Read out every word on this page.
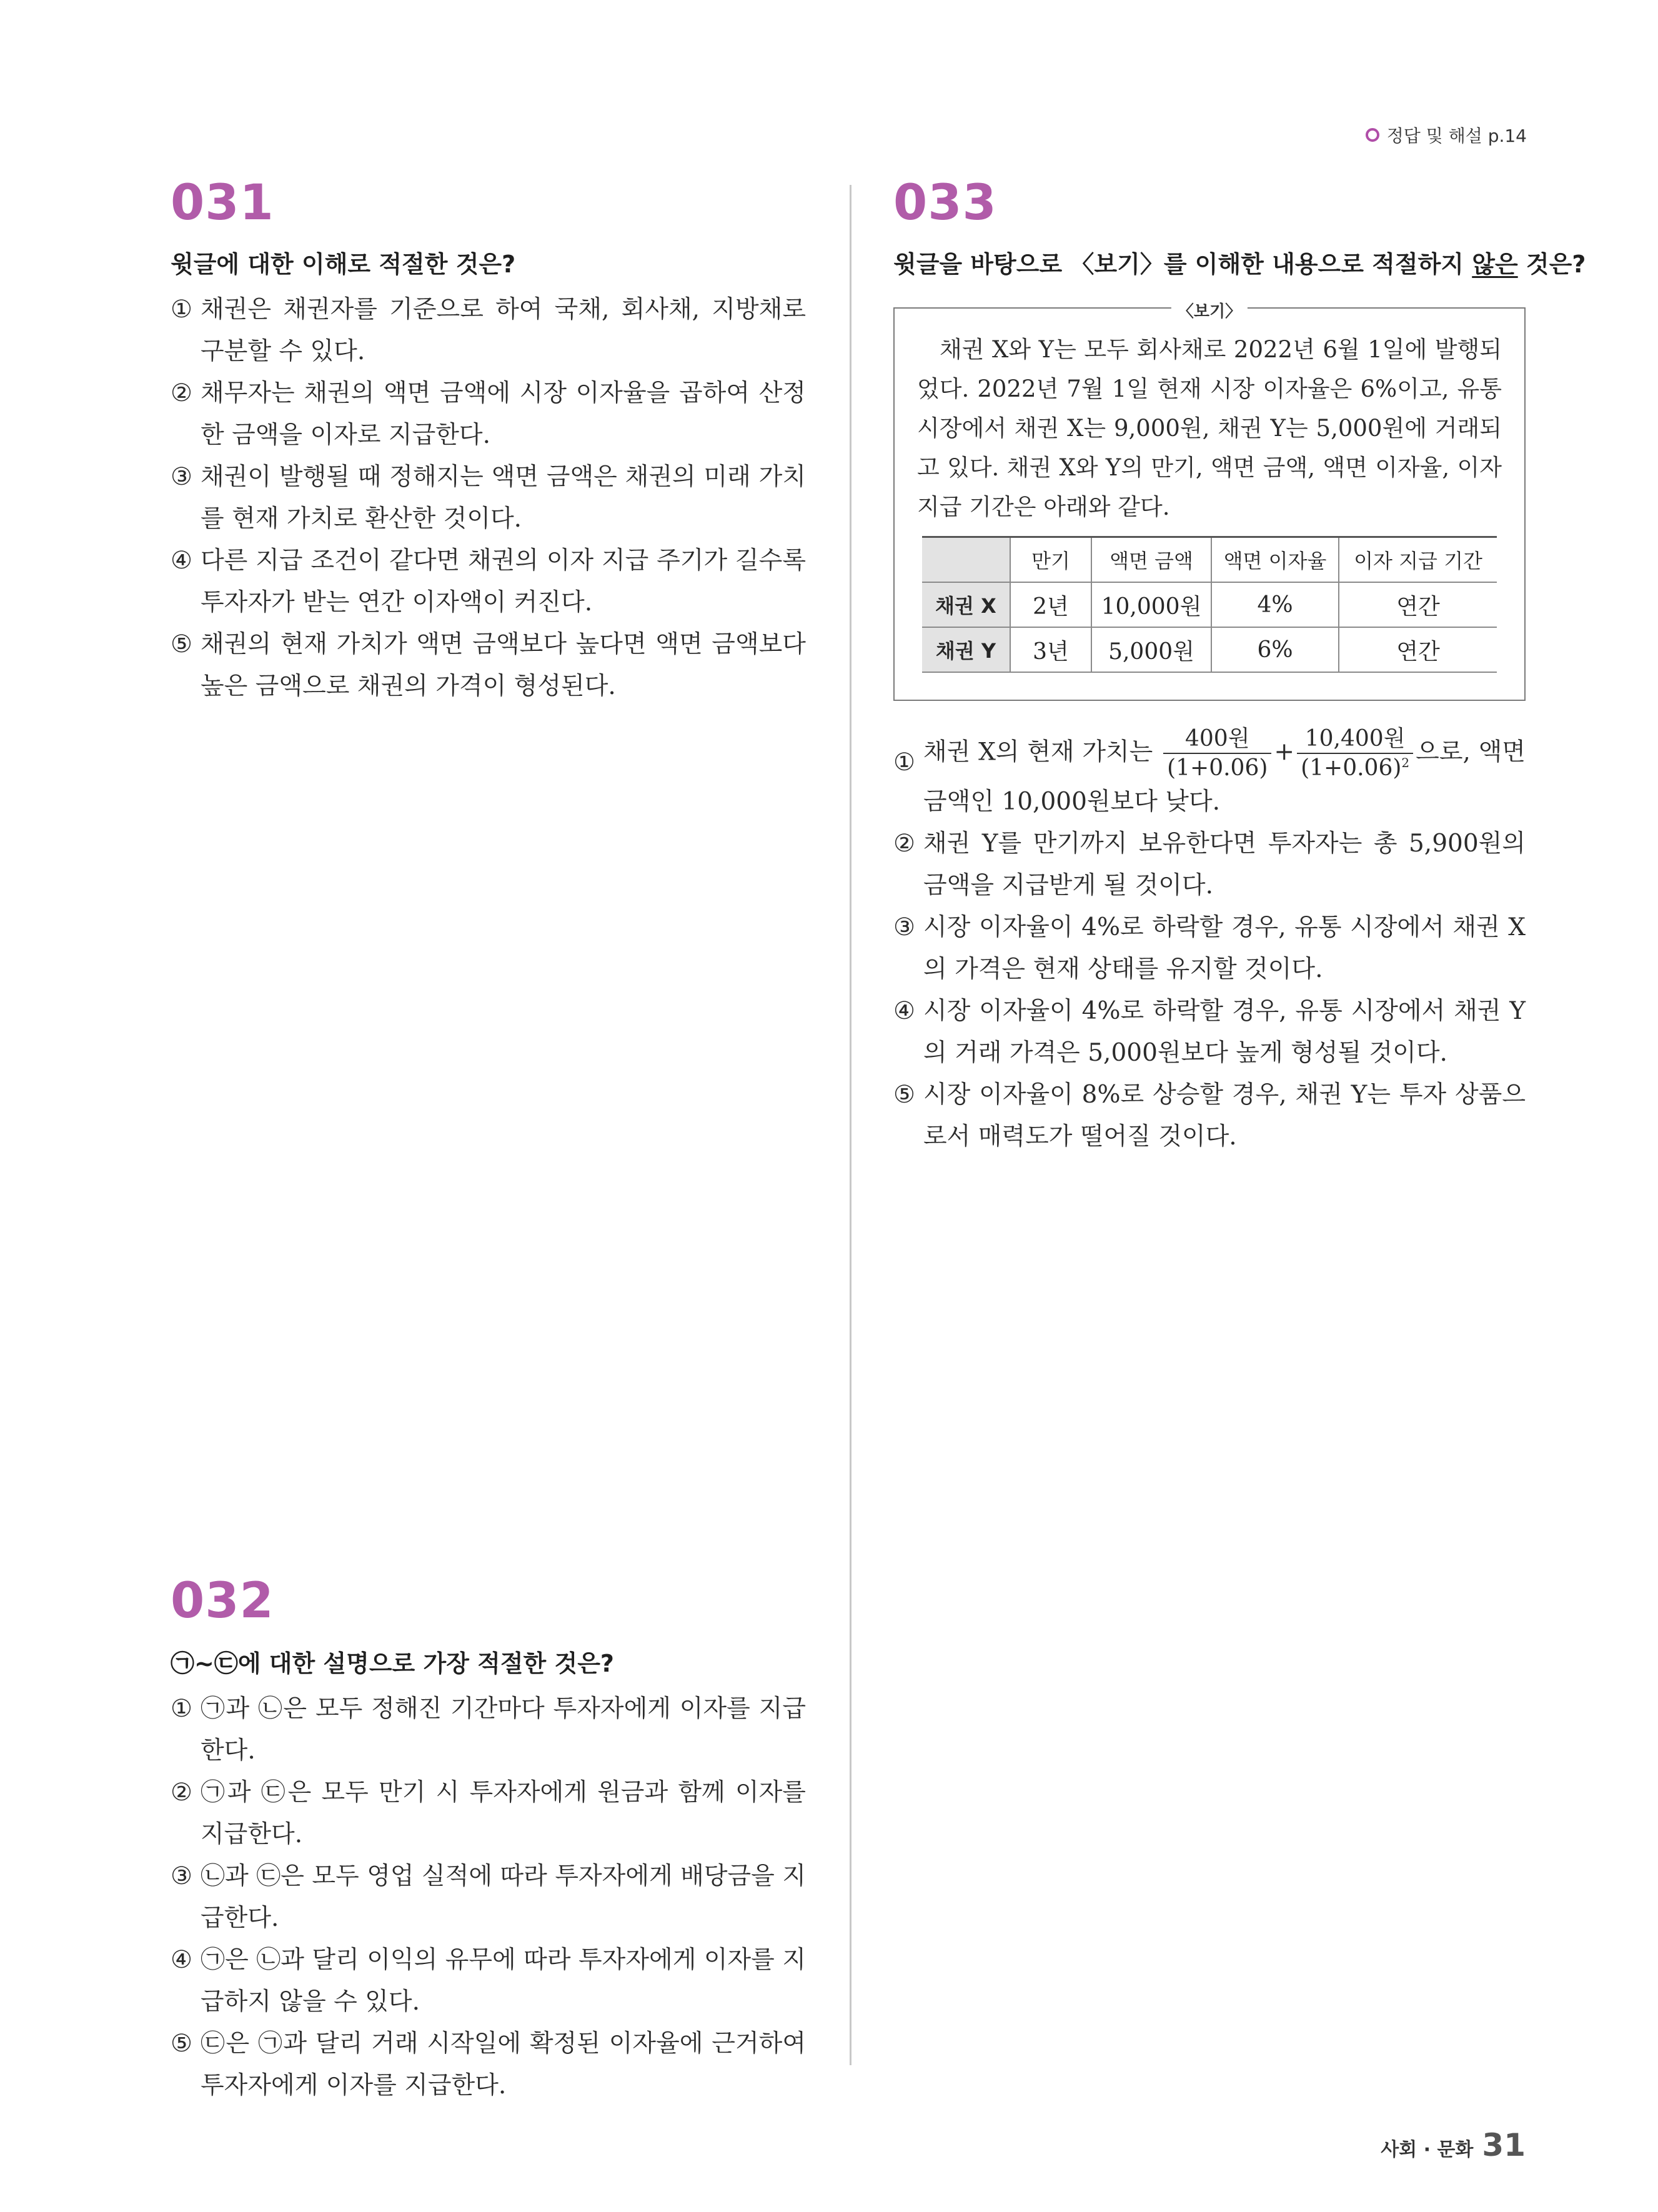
정답 및 해설 p.14
031
윗글에 대한 이해로 적절한 것은?
① 채권은 채권자를 기준으로 하여 국채, 회사채, 지방채로 구분할 수 있다.
② 채무자는 채권의 액면 금액에 시장 이자율을 곱하여 산정한 금액을 이자로 지급한다.
③ 채권이 발행될 때 정해지는 액면 금액은 채권의 미래 가치를 현재 가치로 환산한 것이다.
④ 다른 지급 조건이 같다면 채권의 이자 지급 주기가 길수록 투자자가 받는 연간 이자액이 커진다.
⑤ 채권의 현재 가치가 액면 금액보다 높다면 액면 금액보다 높은 금액으로 채권의 가격이 형성된다.
032
㉠~㉢에 대한 설명으로 가장 적절한 것은?
① ㉠과 ㉡은 모두 정해진 기간마다 투자자에게 이자를 지급한다.
② ㉠과 ㉢은 모두 만기 시 투자자에게 원금과 함께 이자를 지급한다.
③ ㉡과 ㉢은 모두 영업 실적에 따라 투자자에게 배당금을 지급한다.
④ ㉠은 ㉡과 달리 이익의 유무에 따라 투자자에게 이자를 지급하지 않을 수 있다.
⑤ ㉢은 ㉠과 달리 거래 시작일에 확정된 이자율에 근거하여 투자자에게 이자를 지급한다.
033
윗글을 바탕으로 〈보기〉를 이해한 내용으로 적절하지 않은 것은?
〈보기〉
채권 X와 Y는 모두 회사채로 2022년 6월 1일에 발행되었다. 2022년 7월 1일 현재 시장 이자율은 6%이고, 유통 시장에서 채권 X는 9,000원, 채권 Y는 5,000원에 거래되고 있다. 채권 X와 Y의 만기, 액면 금액, 액면 이자율, 이자 지급 기간은 아래와 같다.
	만기	액면 금액	액면 이자율	이자 지급 기간
채권 X	2년	10,000원	4%	연간
채권 Y	3년	5,000원	6%	연간
① 채권 X의 현재 가치는 $\frac{\text{400원}}{(1+0.06)} + \frac{\text{10,400원}}{(1+0.06)^2}$ 으로, 액면 금액인 10,000원보다 낮다.
② 채권 Y를 만기까지 보유한다면 투자자는 총 5,900원의 금액을 지급받게 될 것이다.
③ 시장 이자율이 4%로 하락할 경우, 유통 시장에서 채권 X의 가격은 현재 상태를 유지할 것이다.
④ 시장 이자율이 4%로 하락할 경우, 유통 시장에서 채권 Y의 거래 가격은 5,000원보다 높게 형성될 것이다.
⑤ 시장 이자율이 8%로 상승할 경우, 채권 Y는 투자 상품으로서 매력도가 떨어질 것이다.
사회 · 문화 31
